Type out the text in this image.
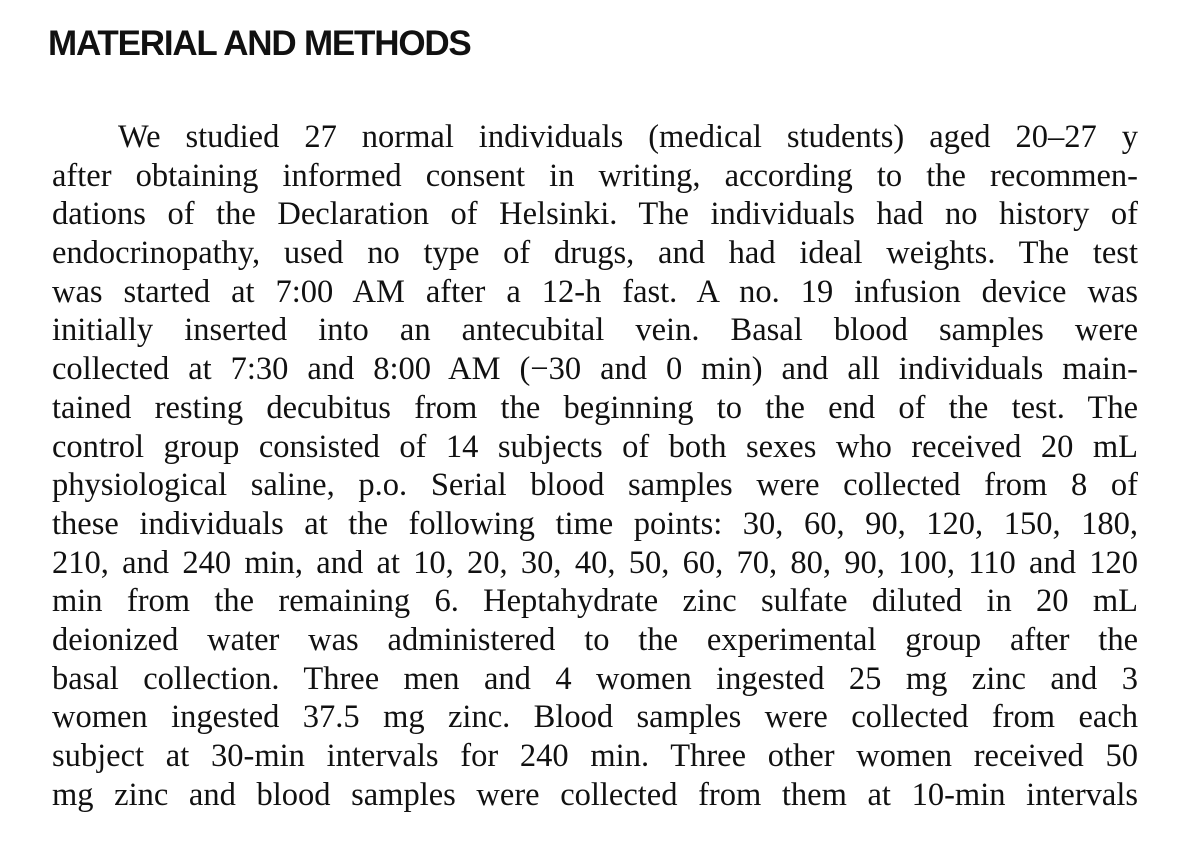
MATERIAL AND METHODS
We studied 27 normal individuals (medical students) aged 20–27 y
after obtaining informed consent in writing, according to the recommen-
dations of the Declaration of Helsinki. The individuals had no history of
endocrinopathy, used no type of drugs, and had ideal weights. The test
was started at 7:00 AM after a 12-h fast. A no. 19 infusion device was
initially inserted into an antecubital vein. Basal blood samples were
collected at 7:30 and 8:00 AM (−30 and 0 min) and all individuals main-
tained resting decubitus from the beginning to the end of the test. The
control group consisted of 14 subjects of both sexes who received 20 mL
physiological saline, p.o. Serial blood samples were collected from 8 of
these individuals at the following time points: 30, 60, 90, 120, 150, 180,
210, and 240 min, and at 10, 20, 30, 40, 50, 60, 70, 80, 90, 100, 110 and 120
min from the remaining 6. Heptahydrate zinc sulfate diluted in 20 mL
deionized water was administered to the experimental group after the
basal collection. Three men and 4 women ingested 25 mg zinc and 3
women ingested 37.5 mg zinc. Blood samples were collected from each
subject at 30-min intervals for 240 min. Three other women received 50
mg zinc and blood samples were collected from them at 10-min intervals
